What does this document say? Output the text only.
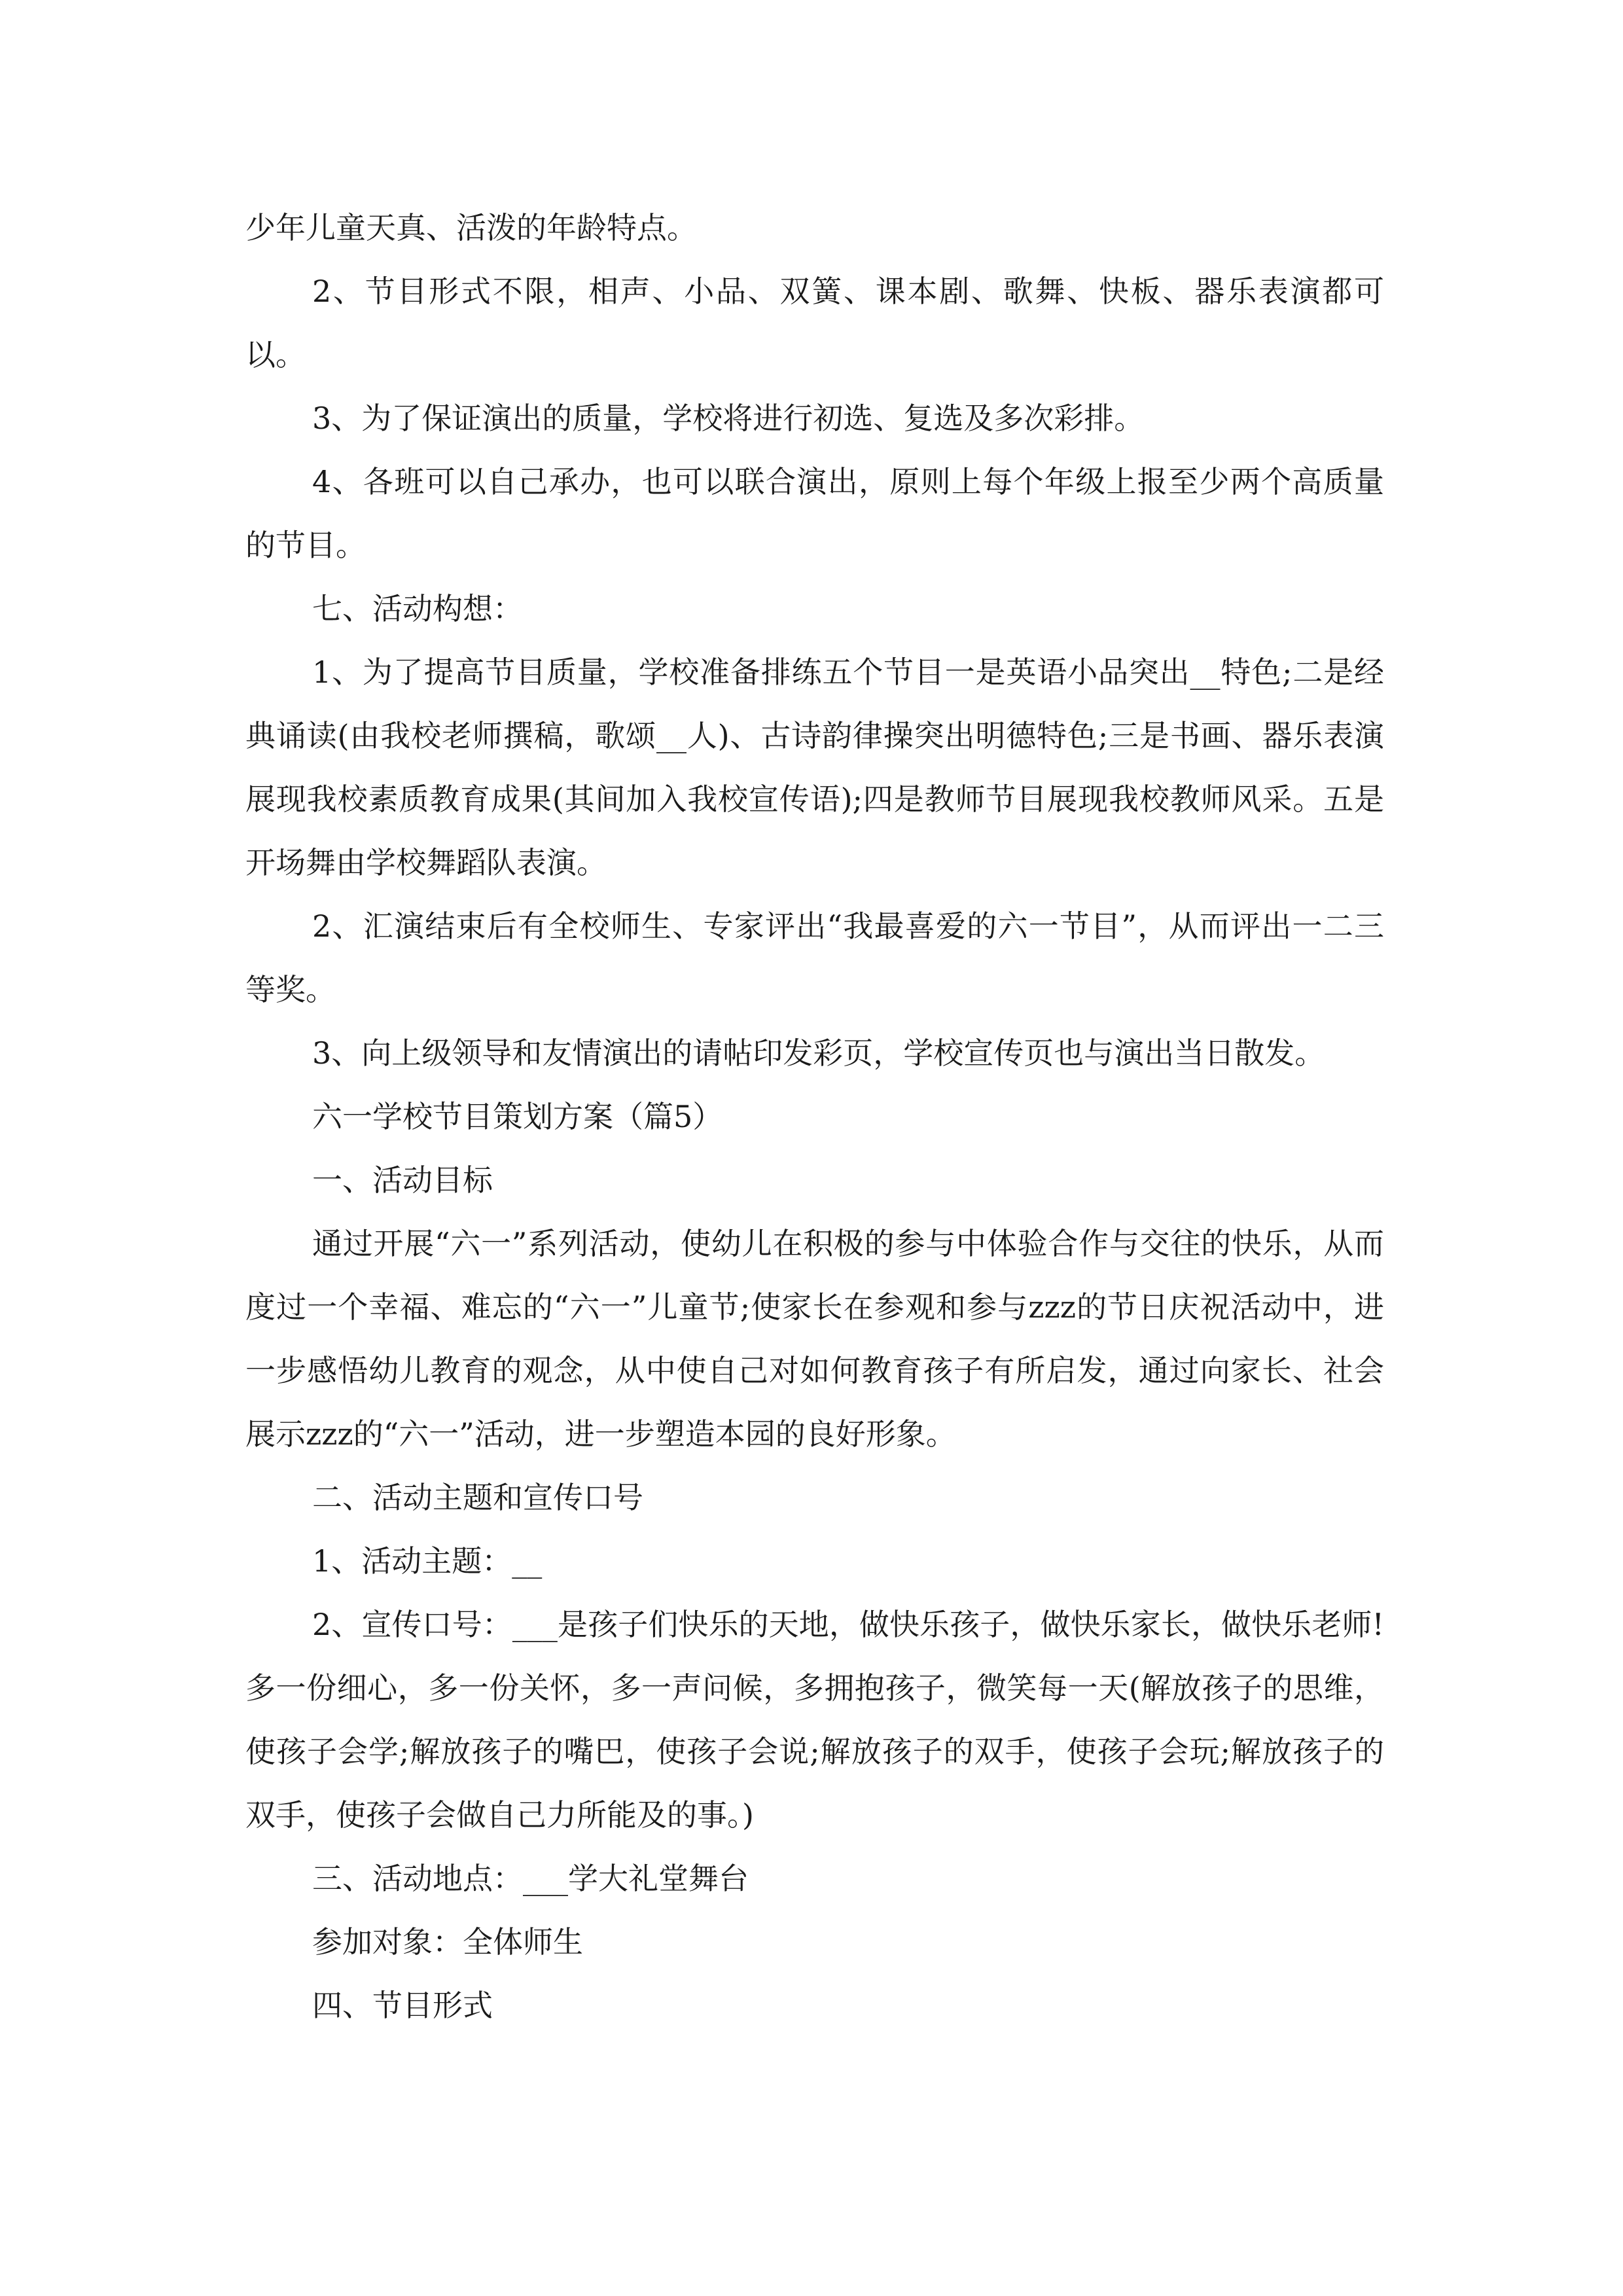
少年儿童天真、活泼的年龄特点。

2、节目形式不限，相声、小品、双簧、课本剧、歌舞、快板、器乐表演都可以。

3、为了保证演出的质量，学校将进行初选、复选及多次彩排。

4、各班可以自己承办，也可以联合演出，原则上每个年级上报至少两个高质量的节目。

七、活动构想：

1、为了提高节目质量，学校准备排练五个节目一是英语小品突出__特色;二是经典诵读(由我校老师撰稿，歌颂__人)、古诗韵律操突出明德特色;三是书画、器乐表演展现我校素质教育成果(其间加入我校宣传语);四是教师节目展现我校教师风采。五是开场舞由学校舞蹈队表演。

2、汇演结束后有全校师生、专家评出“我最喜爱的六一节目”，从而评出一二三等奖。

3、向上级领导和友情演出的请帖印发彩页，学校宣传页也与演出当日散发。

六一学校节目策划方案（篇5）

一、活动目标

通过开展“六一”系列活动，使幼儿在积极的参与中体验合作与交往的快乐，从而度过一个幸福、难忘的“六一”儿童节;使家长在参观和参与zzz的节日庆祝活动中，进一步感悟幼儿教育的观念，从中使自己对如何教育孩子有所启发，通过向家长、社会展示zzz的“六一”活动，进一步塑造本园的良好形象。

二、活动主题和宣传口号

1、活动主题：__

2、宣传口号：___是孩子们快乐的天地，做快乐孩子，做快乐家长，做快乐老师!多一份细心，多一份关怀，多一声问候，多拥抱孩子，微笑每一天(解放孩子的思维，使孩子会学;解放孩子的嘴巴，使孩子会说;解放孩子的双手，使孩子会玩;解放孩子的双手，使孩子会做自己力所能及的事。)

三、活动地点：___学大礼堂舞台

参加对象：全体师生

四、节目形式
